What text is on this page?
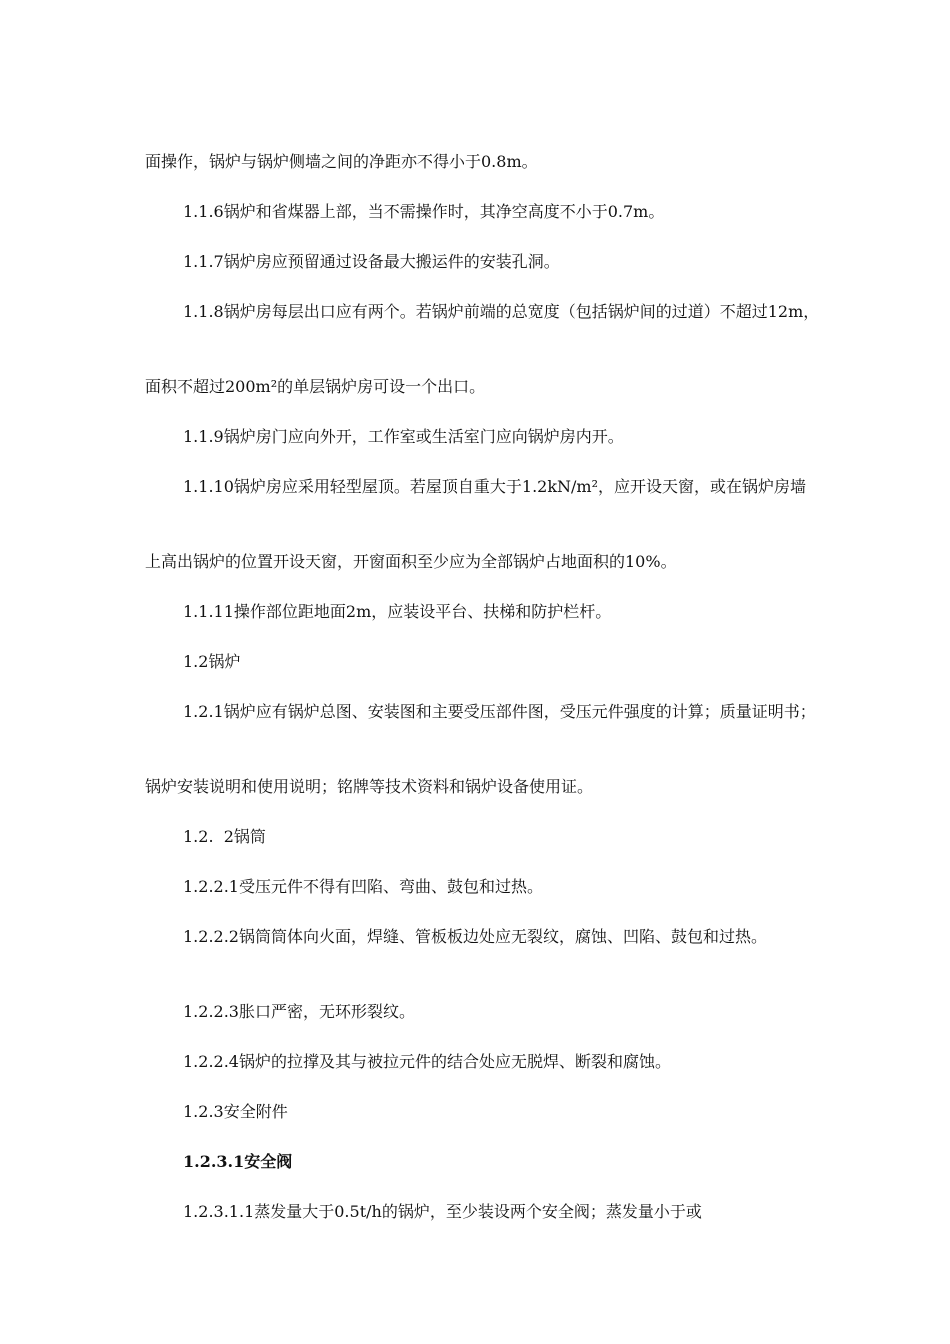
面操作，锅炉与锅炉侧墙之间的净距亦不得小于0.8m。

1.1.6锅炉和省煤器上部，当不需操作时，其净空高度不小于0.7m。

1.1.7锅炉房应预留通过设备最大搬运件的安装孔洞。

1.1.8锅炉房每层出口应有两个。若锅炉前端的总宽度（包括锅炉间的过道）不超过12m，

面积不超过200m²的单层锅炉房可设一个出口。

1.1.9锅炉房门应向外开，工作室或生活室门应向锅炉房内开。

1.1.10锅炉房应采用轻型屋顶。若屋顶自重大于1.2kN/m²，应开设天窗，或在锅炉房墙

上高出锅炉的位置开设天窗，开窗面积至少应为全部锅炉占地面积的10%。

1.1.11操作部位距地面2m，应装设平台、扶梯和防护栏杆。

1.2锅炉

1.2.1锅炉应有锅炉总图、安装图和主要受压部件图，受压元件强度的计算；质量证明书；

锅炉安装说明和使用说明；铭牌等技术资料和锅炉设备使用证。

1.2.  2锅筒

1.2.2.1受压元件不得有凹陷、弯曲、鼓包和过热。

1.2.2.2锅筒筒体向火面，焊缝、管板板边处应无裂纹，腐蚀、凹陷、鼓包和过热。

1.2.2.3胀口严密，无环形裂纹。

1.2.2.4锅炉的拉撑及其与被拉元件的结合处应无脱焊、断裂和腐蚀。

1.2.3安全附件

1.2.3.1安全阀

1.2.3.1.1蒸发量大于0.5t/h的锅炉，至少装设两个安全阀；蒸发量小于或
